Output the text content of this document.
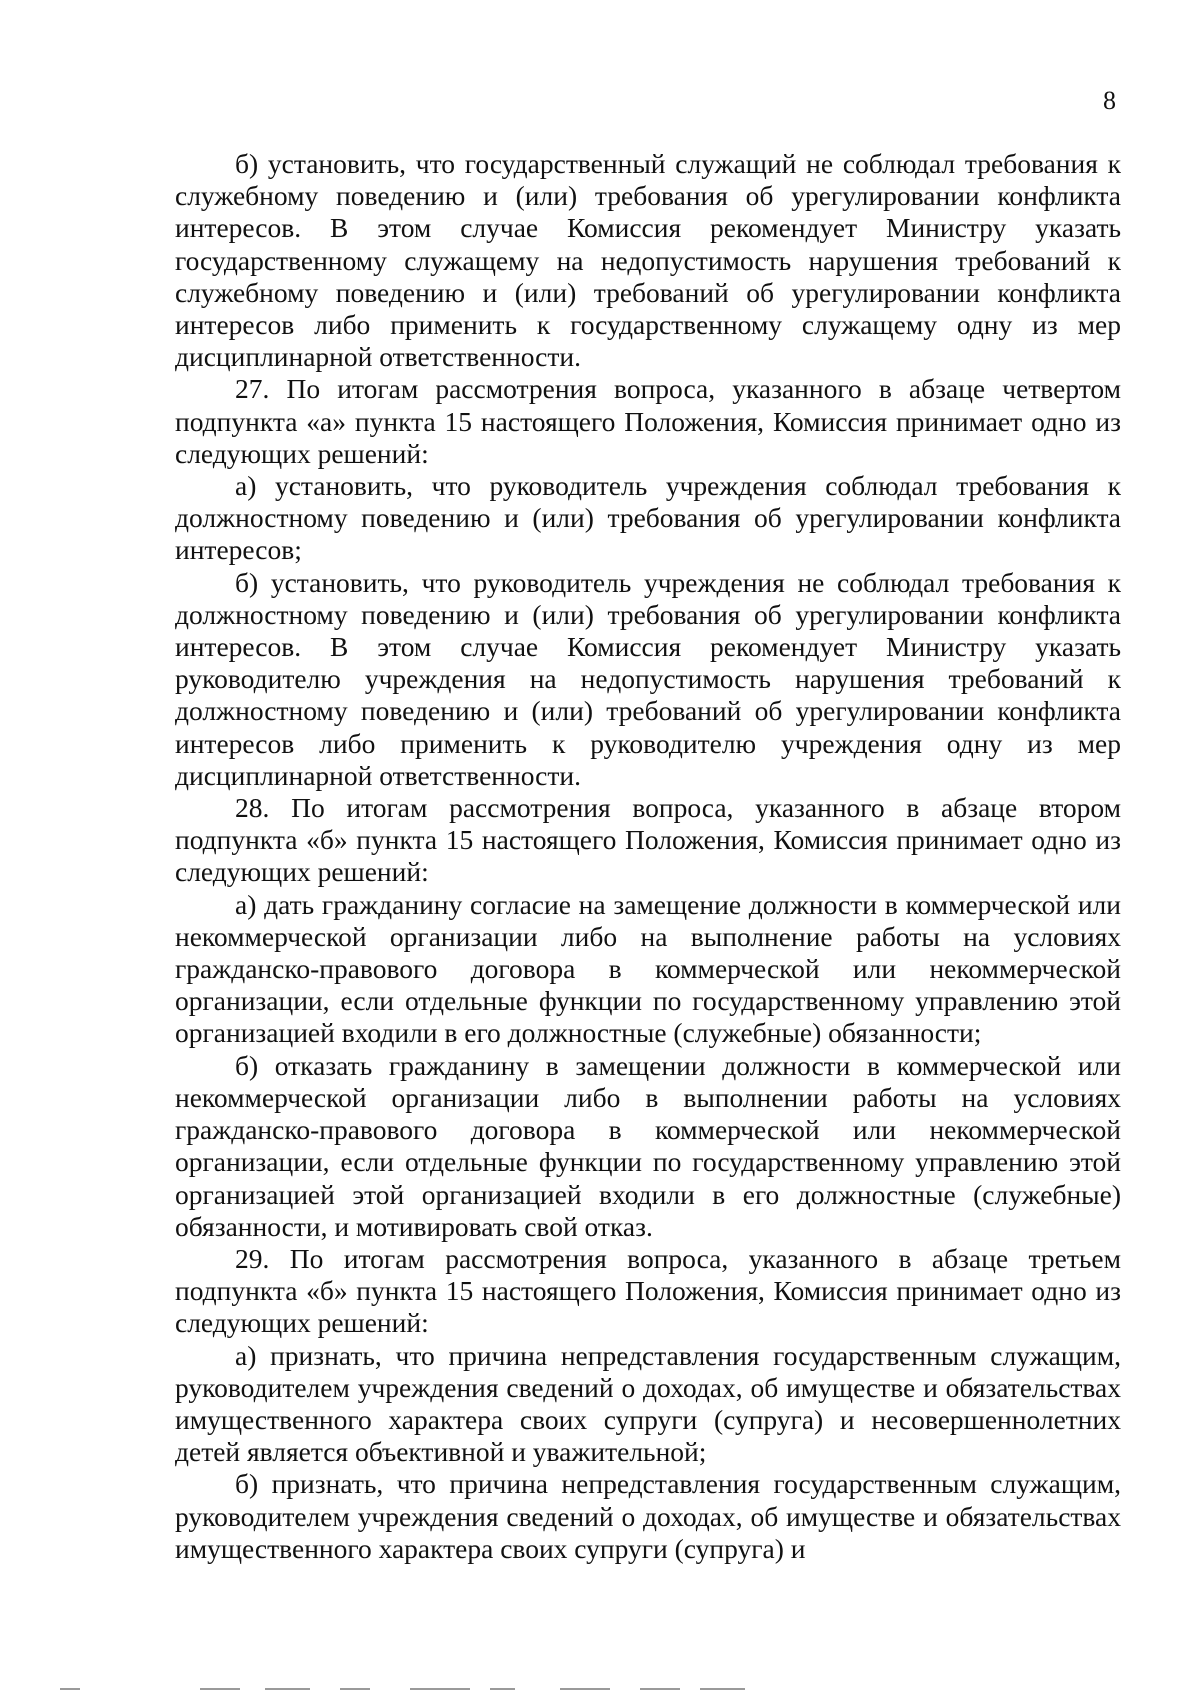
8

б) установить, что государственный служащий не соблюдал требования к служебному поведению и (или) требования об урегулировании конфликта интересов. В этом случае Комиссия рекомендует Министру указать государственному служащему на недопустимость нарушения требований к служебному поведению и (или) требований об урегулировании конфликта интересов либо применить к государственному служащему одну из мер дисциплинарной ответственности.

27. По итогам рассмотрения вопроса, указанного в абзаце четвертом подпункта «а» пункта 15 настоящего Положения, Комиссия принимает одно из следующих решений:

а) установить, что руководитель учреждения соблюдал требования к должностному поведению и (или) требования об урегулировании конфликта интересов;

б) установить, что руководитель учреждения не соблюдал требования к должностному поведению и (или) требования об урегулировании конфликта интересов. В этом случае Комиссия рекомендует Министру указать руководителю учреждения на недопустимость нарушения требований к должностному поведению и (или) требований об урегулировании конфликта интересов либо применить к руководителю учреждения одну из мер дисциплинарной ответственности.

28. По итогам рассмотрения вопроса, указанного в абзаце втором подпункта «б» пункта 15 настоящего Положения, Комиссия принимает одно из следующих решений:

а) дать гражданину согласие на замещение должности в коммерческой или некоммерческой организации либо на выполнение работы на условиях гражданско-правового договора в коммерческой или некоммерческой организации, если отдельные функции по государственному управлению этой организацией входили в его должностные (служебные) обязанности;

б) отказать гражданину в замещении должности в коммерческой или некоммерческой организации либо в выполнении работы на условиях гражданско-правового договора в коммерческой или некоммерческой организации, если отдельные функции по государственному управлению этой организацией этой организацией входили в его должностные (служебные) обязанности, и мотивировать свой отказ.

29. По итогам рассмотрения вопроса, указанного в абзаце третьем подпункта «б» пункта 15 настоящего Положения, Комиссия принимает одно из следующих решений:

а) признать, что причина непредставления государственным служащим, руководителем учреждения сведений о доходах, об имуществе и обязательствах имущественного характера своих супруги (супруга) и несовершеннолетних детей является объективной и уважительной;

б) признать, что причина непредставления государственным служащим, руководителем учреждения сведений о доходах, об имуществе и обязательствах имущественного характера своих супруги (супруга) и
